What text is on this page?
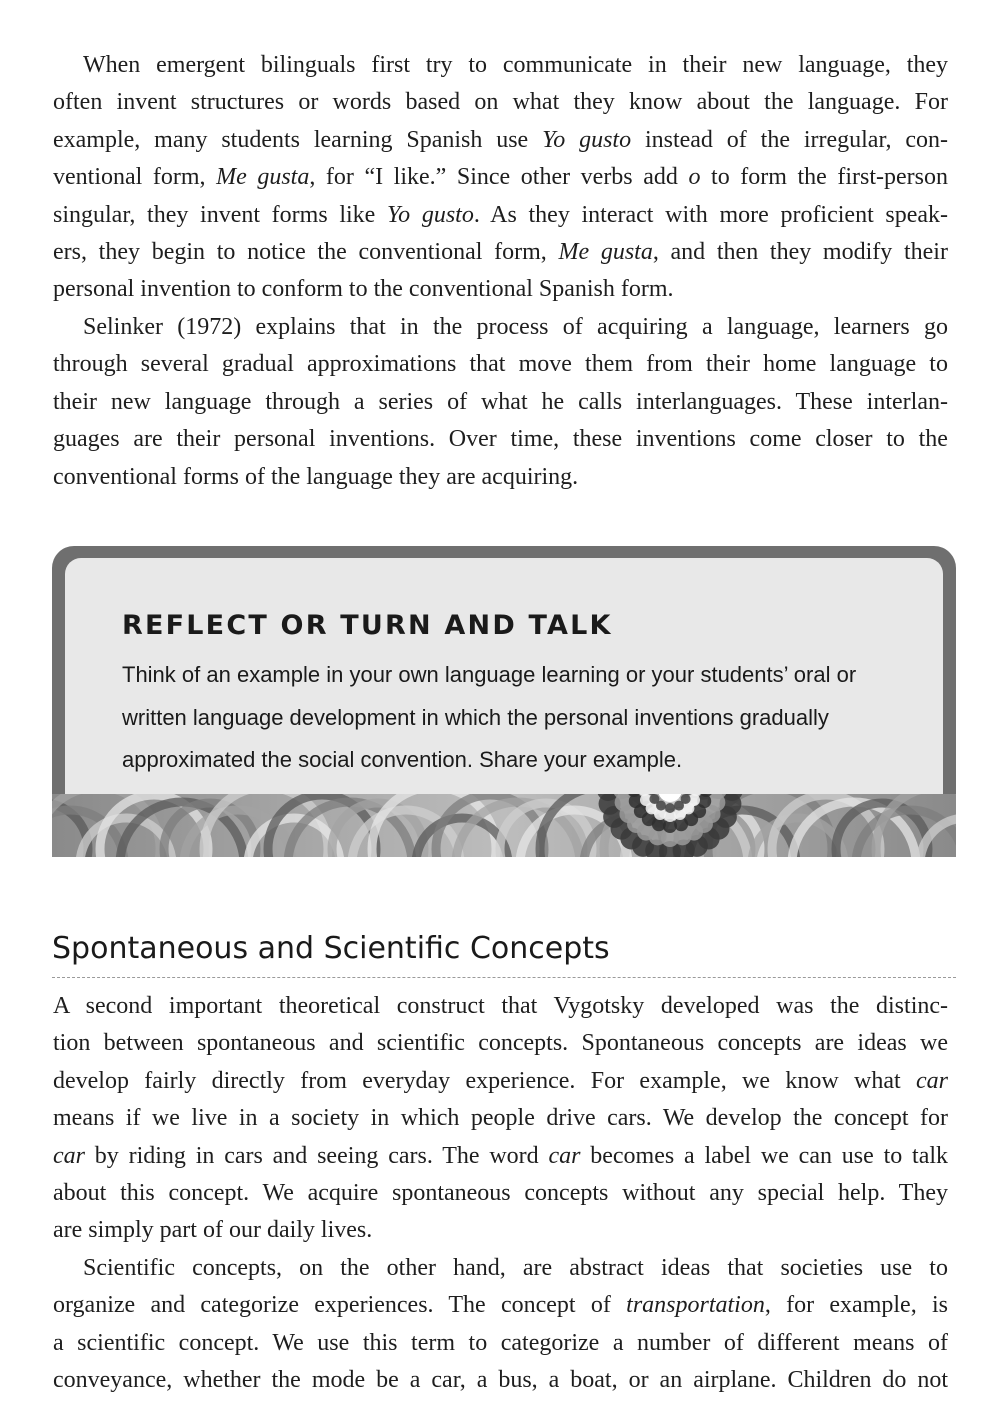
When emergent bilinguals first try to communicate in their new language, they
often invent structures or words based on what they know about the language. For
example, many students learning Spanish use Yo gusto instead of the irregular, con-
ventional form, Me gusta, for “I like.” Since other verbs add o to form the first-person
singular, they invent forms like Yo gusto. As they interact with more proficient speak-
ers, they begin to notice the conventional form, Me gusta, and then they modify their
personal invention to conform to the conventional Spanish form.

Selinker (1972) explains that in the process of acquiring a language, learners go
through several gradual approximations that move them from their home language to
their new language through a series of what he calls interlanguages. These interlan-
guages are their personal inventions. Over time, these inventions come closer to the
conventional forms of the language they are acquiring.

REFLECT OR TURN AND TALK

Think of an example in your own language learning or your students’ oral or
written language development in which the personal inventions gradually
approximated the social convention. Share your example.

Spontaneous and Scientific Concepts

A second important theoretical construct that Vygotsky developed was the distinc-
tion between spontaneous and scientific concepts. Spontaneous concepts are ideas we
develop fairly directly from everyday experience. For example, we know what car
means if we live in a society in which people drive cars. We develop the concept for
car by riding in cars and seeing cars. The word car becomes a label we can use to talk
about this concept. We acquire spontaneous concepts without any special help. They
are simply part of our daily lives.

Scientific concepts, on the other hand, are abstract ideas that societies use to
organize and categorize experiences. The concept of transportation, for example, is
a scientific concept. We use this term to categorize a number of different means of
conveyance, whether the mode be a car, a bus, a boat, or an airplane. Children do not
